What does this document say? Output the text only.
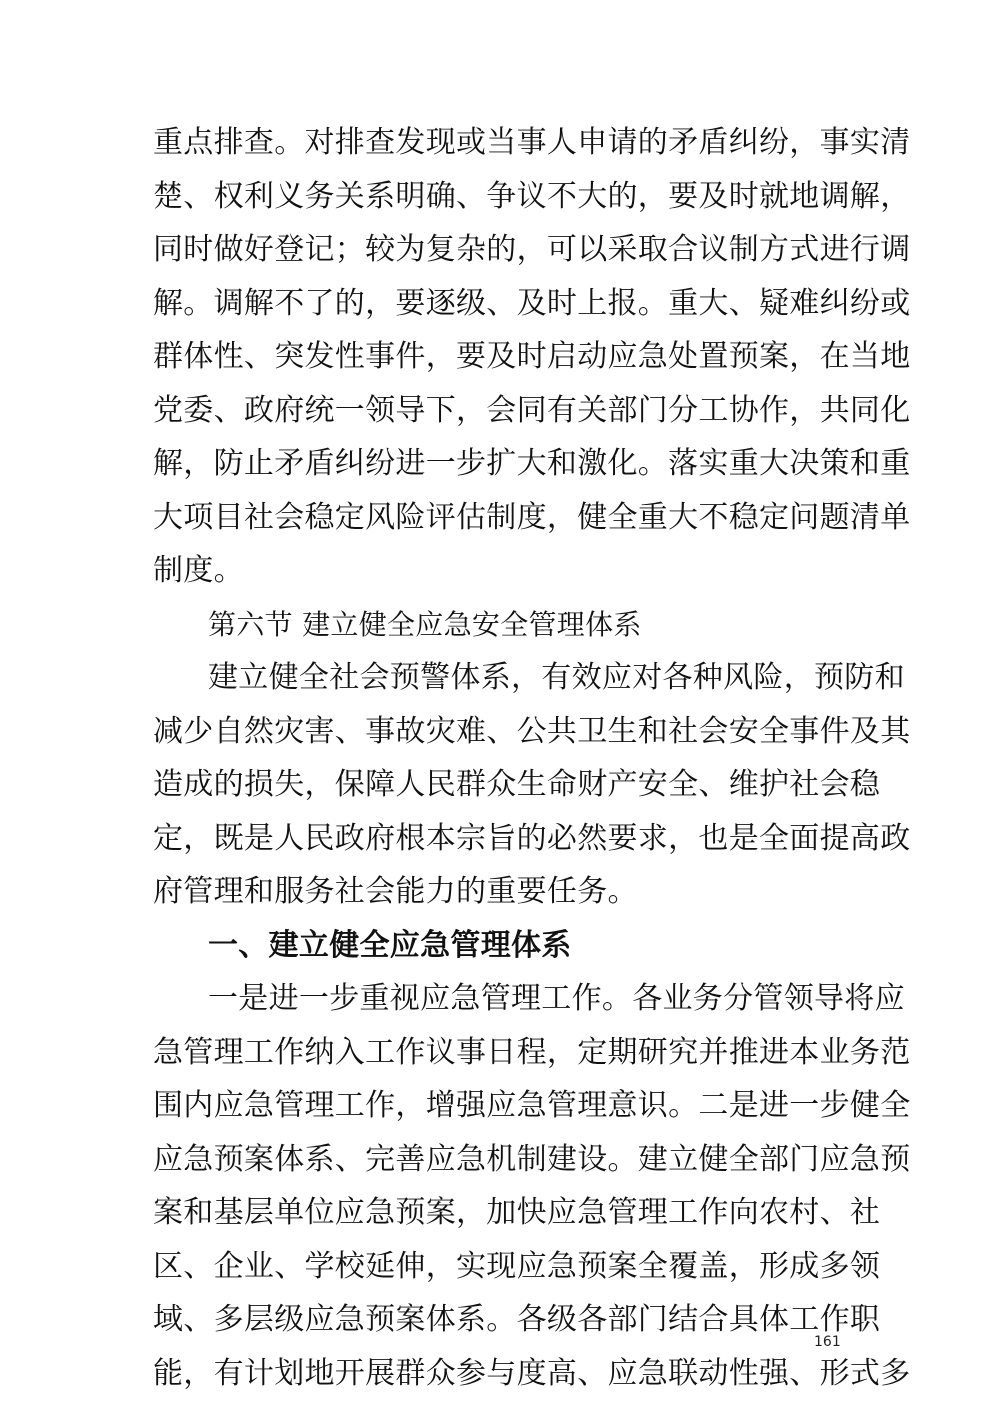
重点排查。对排查发现或当事人申请的矛盾纠纷，事实清
楚、权利义务关系明确、争议不大的，要及时就地调解，
同时做好登记；较为复杂的，可以采取合议制方式进行调
解。调解不了的，要逐级、及时上报。重大、疑难纠纷或
群体性、突发性事件，要及时启动应急处置预案，在当地
党委、政府统一领导下，会同有关部门分工协作，共同化
解，防止矛盾纠纷进一步扩大和激化。落实重大决策和重
大项目社会稳定风险评估制度，健全重大不稳定问题清单
制度。
第六节 建立健全应急安全管理体系
建立健全社会预警体系，有效应对各种风险，预防和
减少自然灾害、事故灾难、公共卫生和社会安全事件及其
造成的损失，保障人民群众生命财产安全、维护社会稳
定，既是人民政府根本宗旨的必然要求，也是全面提高政
府管理和服务社会能力的重要任务。
一、建立健全应急管理体系
一是进一步重视应急管理工作。各业务分管领导将应
急管理工作纳入工作议事日程，定期研究并推进本业务范
围内应急管理工作，增强应急管理意识。二是进一步健全
应急预案体系、完善应急机制建设。建立健全部门应急预
案和基层单位应急预案，加快应急管理工作向农村、社
区、企业、学校延伸，实现应急预案全覆盖，形成多领
域、多层级应急预案体系。各级各部门结合具体工作职
能，有计划地开展群众参与度高、应急联动性强、形式多
161
